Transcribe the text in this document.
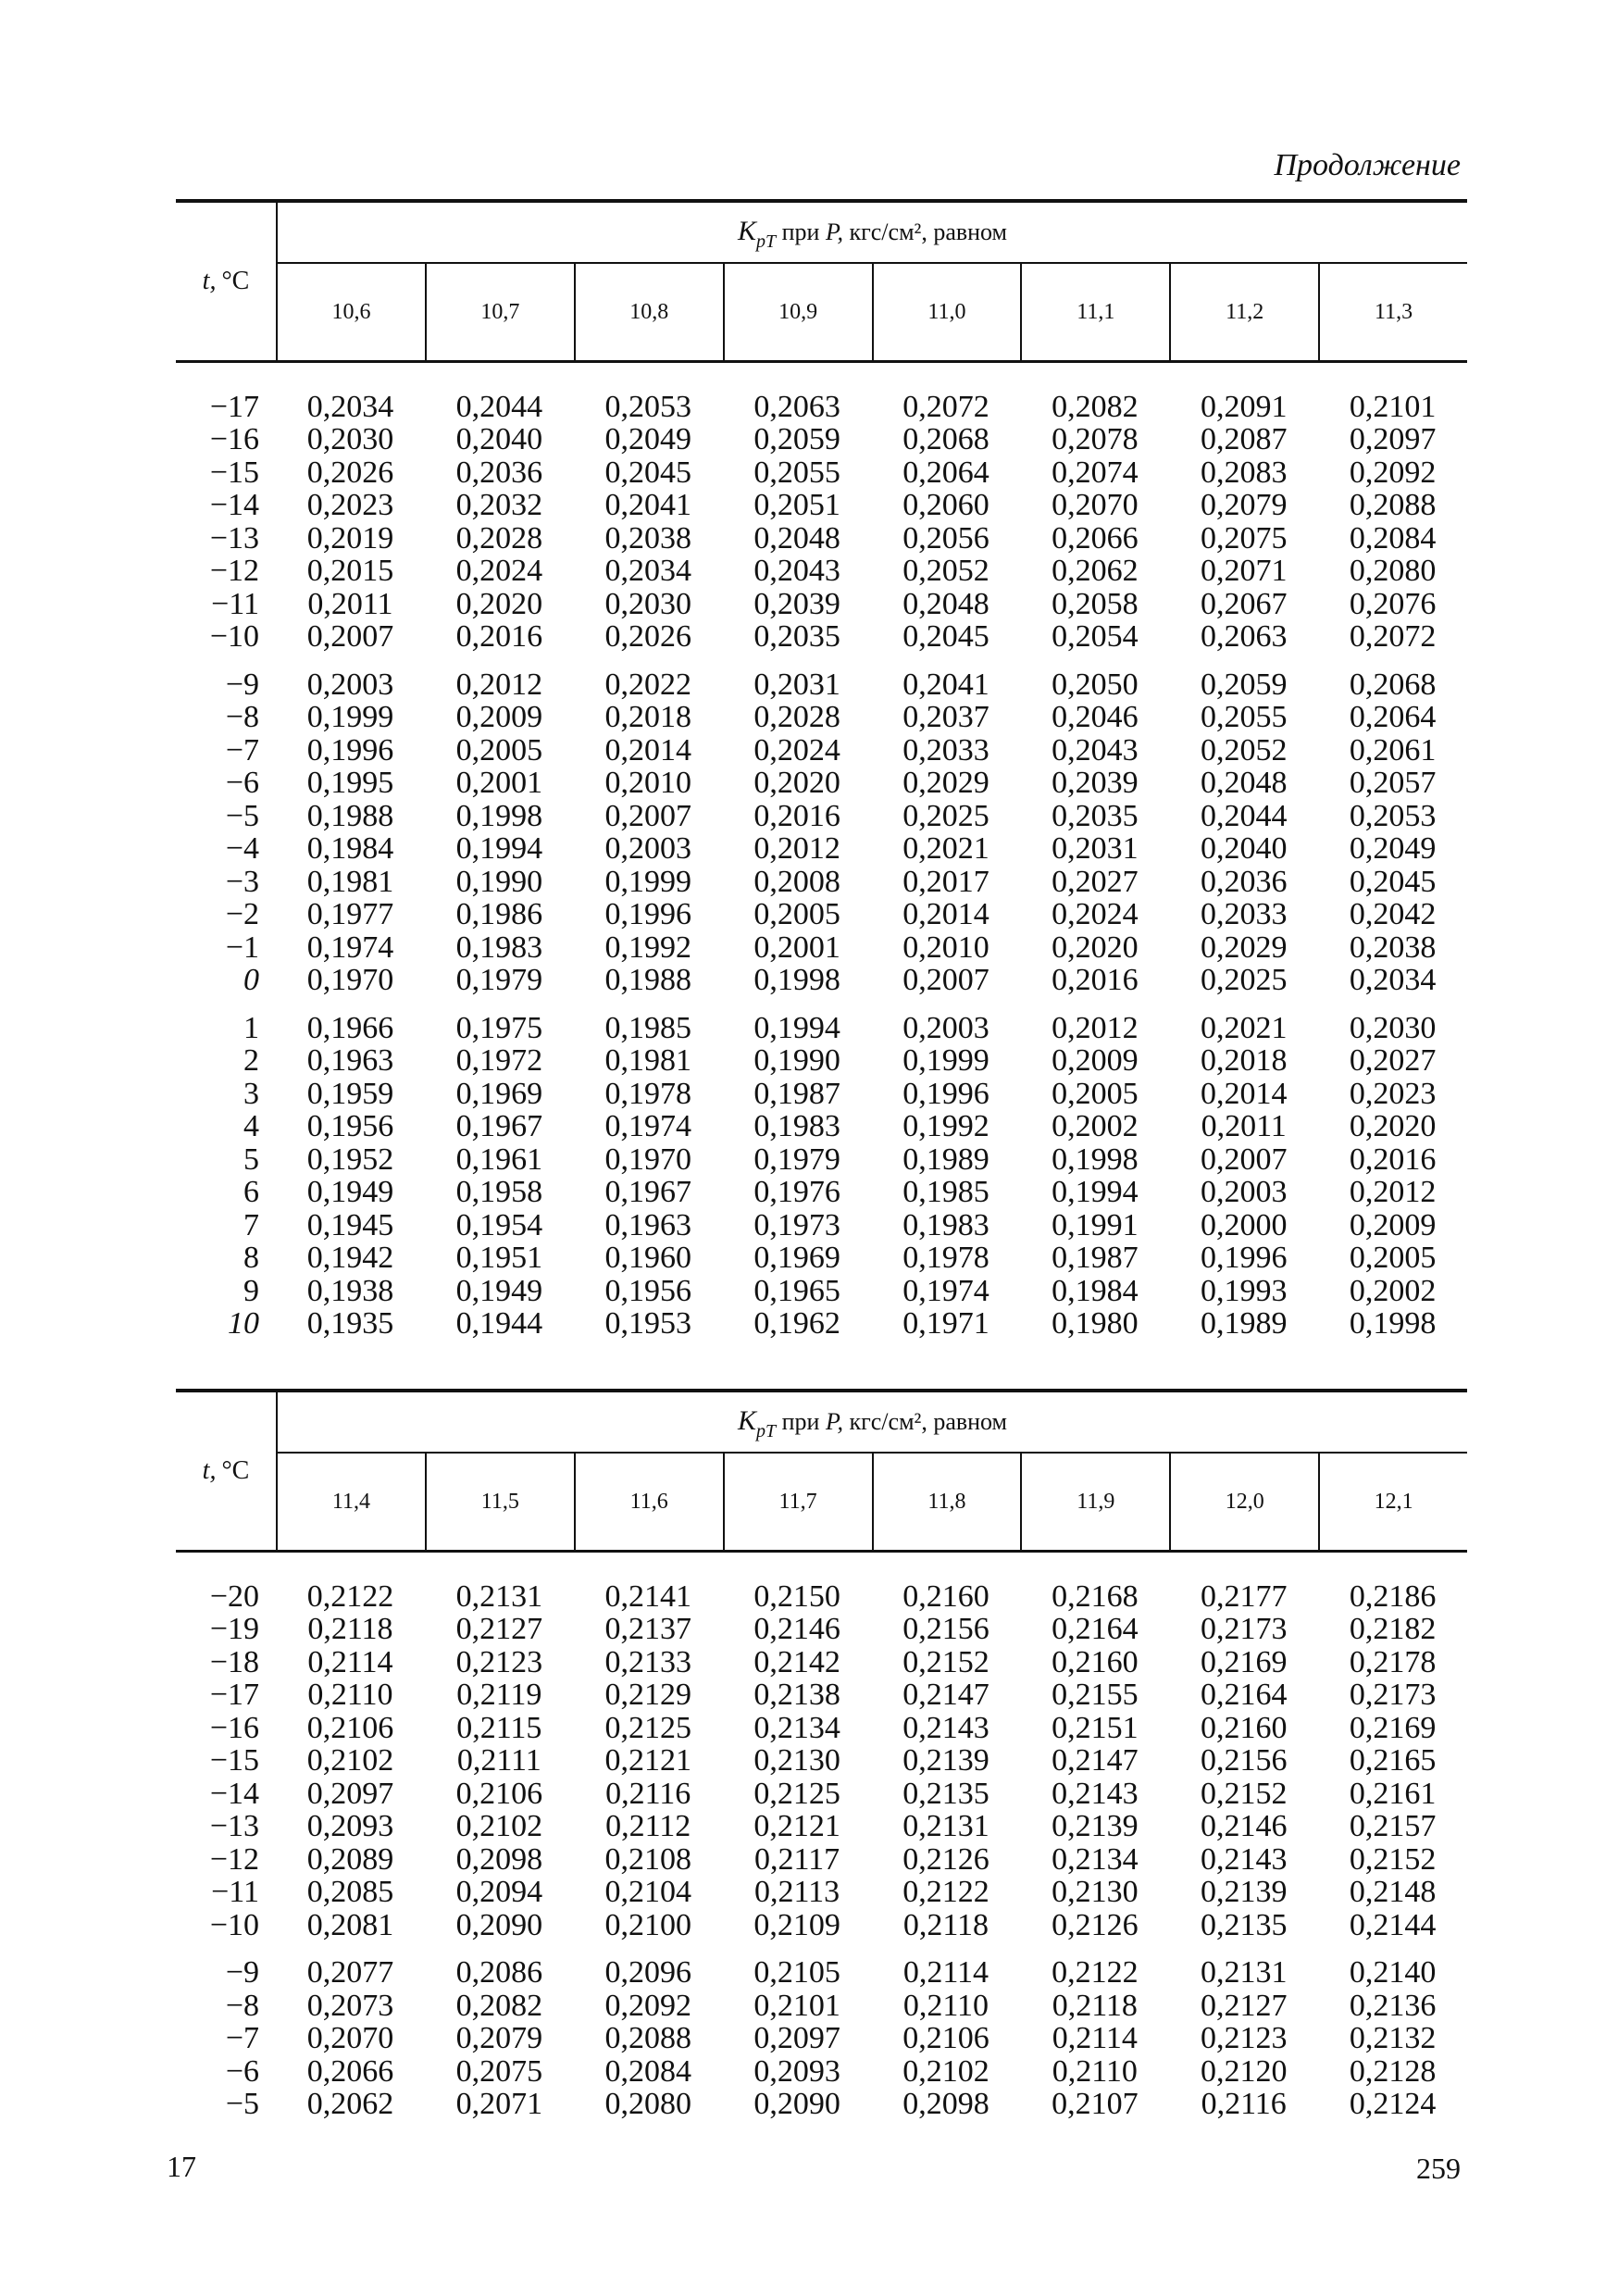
Продолжение
t, °C
$K_{pT}$ при P, кгс/см², равном
10,6	10,7	10,8	10,9	11,0	11,1	11,2	11,3
−17	0,2034	0,2044	0,2053	0,2063	0,2072	0,2082	0,2091	0,2101
−16	0,2030	0,2040	0,2049	0,2059	0,2068	0,2078	0,2087	0,2097
−15	0,2026	0,2036	0,2045	0,2055	0,2064	0,2074	0,2083	0,2092
−14	0,2023	0,2032	0,2041	0,2051	0,2060	0,2070	0,2079	0,2088
−13	0,2019	0,2028	0,2038	0,2048	0,2056	0,2066	0,2075	0,2084
−12	0,2015	0,2024	0,2034	0,2043	0,2052	0,2062	0,2071	0,2080
−11	0,2011	0,2020	0,2030	0,2039	0,2048	0,2058	0,2067	0,2076
−10	0,2007	0,2016	0,2026	0,2035	0,2045	0,2054	0,2063	0,2072
−9	0,2003	0,2012	0,2022	0,2031	0,2041	0,2050	0,2059	0,2068
−8	0,1999	0,2009	0,2018	0,2028	0,2037	0,2046	0,2055	0,2064
−7	0,1996	0,2005	0,2014	0,2024	0,2033	0,2043	0,2052	0,2061
−6	0,1995	0,2001	0,2010	0,2020	0,2029	0,2039	0,2048	0,2057
−5	0,1988	0,1998	0,2007	0,2016	0,2025	0,2035	0,2044	0,2053
−4	0,1984	0,1994	0,2003	0,2012	0,2021	0,2031	0,2040	0,2049
−3	0,1981	0,1990	0,1999	0,2008	0,2017	0,2027	0,2036	0,2045
−2	0,1977	0,1986	0,1996	0,2005	0,2014	0,2024	0,2033	0,2042
−1	0,1974	0,1983	0,1992	0,2001	0,2010	0,2020	0,2029	0,2038
0	0,1970	0,1979	0,1988	0,1998	0,2007	0,2016	0,2025	0,2034
1	0,1966	0,1975	0,1985	0,1994	0,2003	0,2012	0,2021	0,2030
2	0,1963	0,1972	0,1981	0,1990	0,1999	0,2009	0,2018	0,2027
3	0,1959	0,1969	0,1978	0,1987	0,1996	0,2005	0,2014	0,2023
4	0,1956	0,1967	0,1974	0,1983	0,1992	0,2002	0,2011	0,2020
5	0,1952	0,1961	0,1970	0,1979	0,1989	0,1998	0,2007	0,2016
6	0,1949	0,1958	0,1967	0,1976	0,1985	0,1994	0,2003	0,2012
7	0,1945	0,1954	0,1963	0,1973	0,1983	0,1991	0,2000	0,2009
8	0,1942	0,1951	0,1960	0,1969	0,1978	0,1987	0,1996	0,2005
9	0,1938	0,1949	0,1956	0,1965	0,1974	0,1984	0,1993	0,2002
10	0,1935	0,1944	0,1953	0,1962	0,1971	0,1980	0,1989	0,1998
t, °C
$K_{pT}$ при P, кгс/см², равном
11,4	11,5	11,6	11,7	11,8	11,9	12,0	12,1
−20	0,2122	0,2131	0,2141	0,2150	0,2160	0,2168	0,2177	0,2186
−19	0,2118	0,2127	0,2137	0,2146	0,2156	0,2164	0,2173	0,2182
−18	0,2114	0,2123	0,2133	0,2142	0,2152	0,2160	0,2169	0,2178
−17	0,2110	0,2119	0,2129	0,2138	0,2147	0,2155	0,2164	0,2173
−16	0,2106	0,2115	0,2125	0,2134	0,2143	0,2151	0,2160	0,2169
−15	0,2102	0,2111	0,2121	0,2130	0,2139	0,2147	0,2156	0,2165
−14	0,2097	0,2106	0,2116	0,2125	0,2135	0,2143	0,2152	0,2161
−13	0,2093	0,2102	0,2112	0,2121	0,2131	0,2139	0,2146	0,2157
−12	0,2089	0,2098	0,2108	0,2117	0,2126	0,2134	0,2143	0,2152
−11	0,2085	0,2094	0,2104	0,2113	0,2122	0,2130	0,2139	0,2148
−10	0,2081	0,2090	0,2100	0,2109	0,2118	0,2126	0,2135	0,2144
−9	0,2077	0,2086	0,2096	0,2105	0,2114	0,2122	0,2131	0,2140
−8	0,2073	0,2082	0,2092	0,2101	0,2110	0,2118	0,2127	0,2136
−7	0,2070	0,2079	0,2088	0,2097	0,2106	0,2114	0,2123	0,2132
−6	0,2066	0,2075	0,2084	0,2093	0,2102	0,2110	0,2120	0,2128
−5	0,2062	0,2071	0,2080	0,2090	0,2098	0,2107	0,2116	0,2124
17	259
